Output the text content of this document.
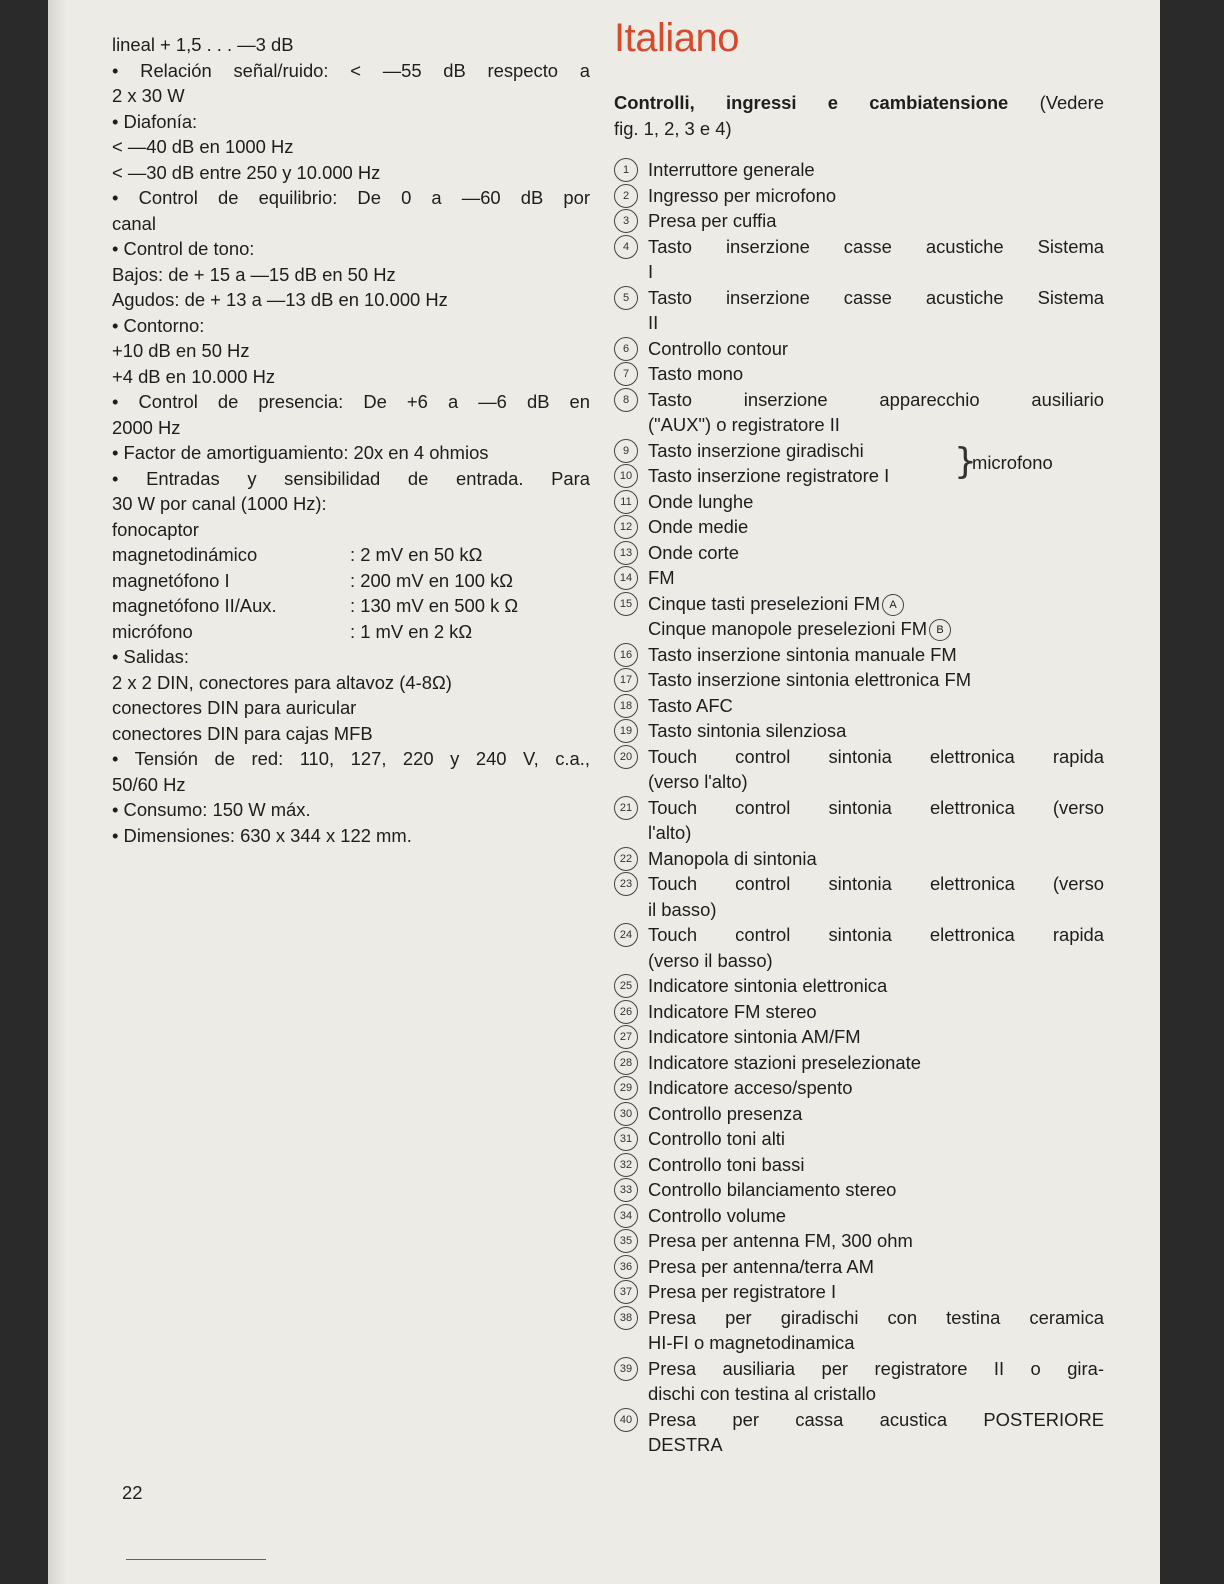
lineal + 1,5 . . . —3 dB
• Relación señal/ruido: < —55 dB respecto a
2 x 30 W
• Diafonía:
< —40 dB en 1000 Hz
< —30 dB entre 250 y 10.000 Hz
• Control de equilibrio: De 0 a —60 dB por
canal
• Control de tono:
Bajos: de + 15 a —15 dB en 50 Hz
Agudos: de + 13 a —13 dB en 10.000 Hz
• Contorno:
+10 dB en 50 Hz
+4 dB en 10.000 Hz
• Control de presencia: De +6 a —6 dB en
2000 Hz
• Factor de amortiguamiento: 20x en 4 ohmios
• Entradas y sensibilidad de entrada. Para
30 W por canal (1000 Hz):
fonocaptor
magnetodinámico	: 2 mV en 50 kΩ
magnetófono I	: 200 mV en 100 kΩ
magnetófono II/Aux.	: 130 mV en 500 k Ω
micrófono	: 1 mV en 2 kΩ
• Salidas:
2 x 2 DIN, conectores para altavoz (4-8Ω)
conectores DIN para auricular
conectores DIN para cajas MFB
• Tensión de red: 110, 127, 220 y 240 V, c.a.,
50/60 Hz
• Consumo: 150 W máx.
• Dimensiones: 630 x 344 x 122 mm.
Italiano
Controlli, ingressi e cambiatensione (Vedere
fig. 1, 2, 3 e 4)
1	Interruttore generale
2	Ingresso per microfono
3	Presa per cuffia
4	Tasto inserzione casse acustiche Sistema
I
5	Tasto inserzione casse acustiche Sistema
II
6	Controllo contour
7	Tasto mono
8	Tasto inserzione apparecchio ausiliario
("AUX") o registratore II
9	Tasto inserzione giradischi
10 Tasto inserzione registratore I	}
microfono
11 Onde lunghe
12 Onde medie
13 Onde corte
14 FM
15 Cinque tasti preselezioni FM A
Cinque manopole preselezioni FM B
16 Tasto inserzione sintonia manuale FM
17 Tasto inserzione sintonia elettronica FM
18 Tasto AFC
19 Tasto sintonia silenziosa
20 Touch control sintonia elettronica rapida
(verso l'alto)
21 Touch control sintonia elettronica (verso
l'alto)
22 Manopola di sintonia
23 Touch control sintonia elettronica (verso
il basso)
24 Touch control sintonia elettronica rapida
(verso il basso)
25 Indicatore sintonia elettronica
26 Indicatore FM stereo
27 Indicatore sintonia AM/FM
28 Indicatore stazioni preselezionate
29 Indicatore acceso/spento
30 Controllo presenza
31 Controllo toni alti
32 Controllo toni bassi
33 Controllo bilanciamento stereo
34 Controllo volume
35 Presa per antenna FM, 300 ohm
36 Presa per antenna/terra AM
37 Presa per registratore I
38 Presa per giradischi con testina ceramica
HI-FI o magnetodinamica
39 Presa ausiliaria per registratore II o gira-
dischi con testina al cristallo
40 Presa per cassa acustica POSTERIORE
DESTRA
22
